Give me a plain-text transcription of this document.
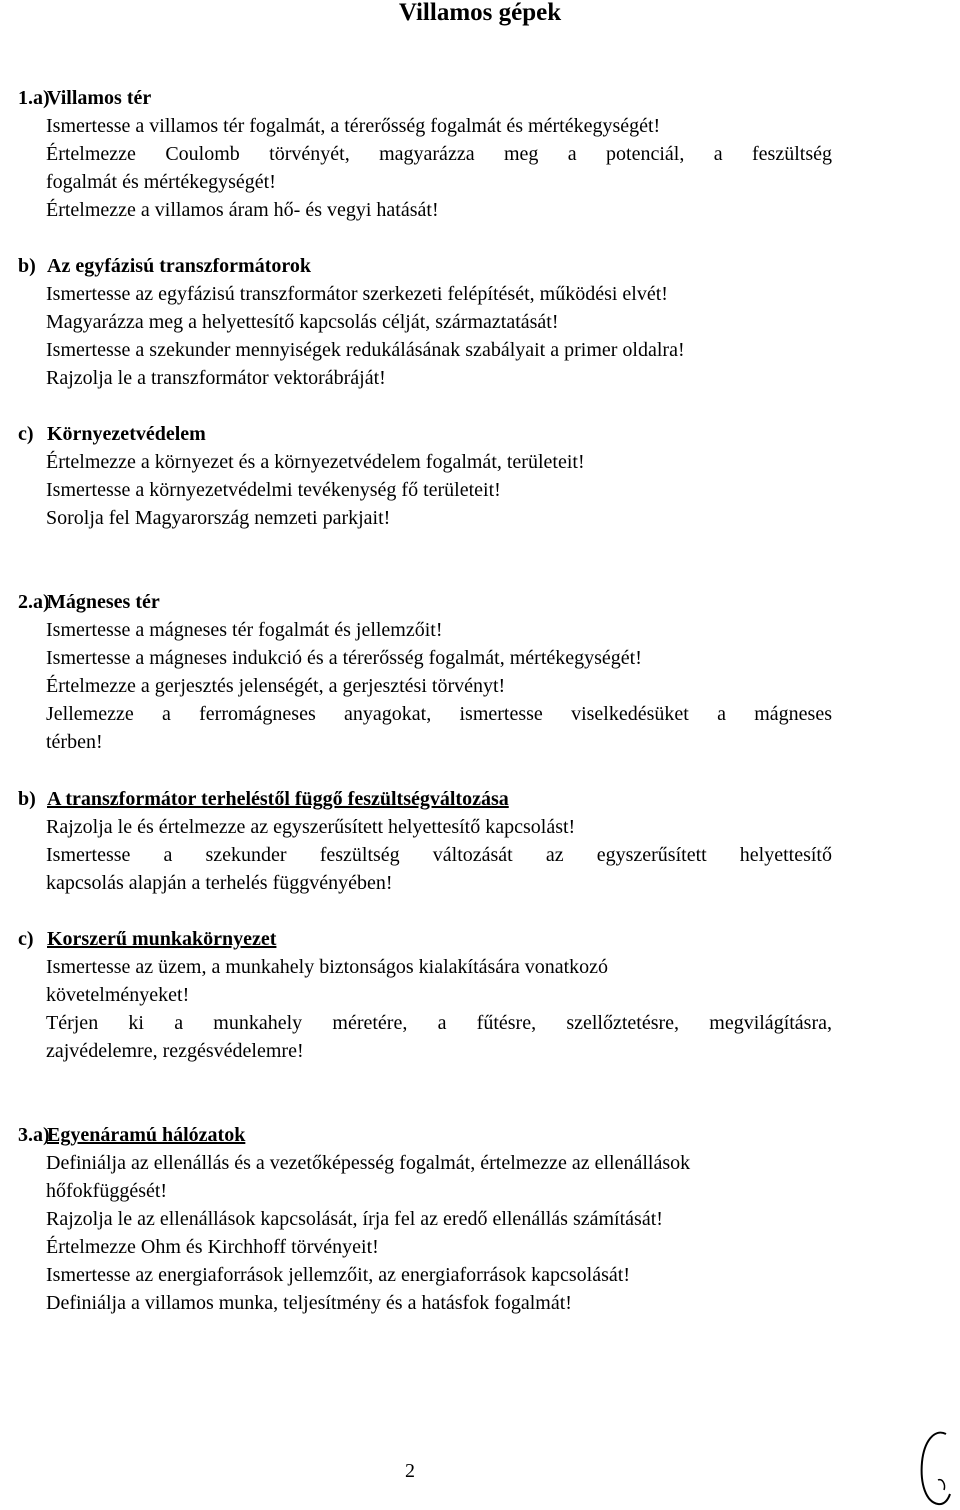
Villamos gépek
1.a)
Villamos tér
Ismertesse a villamos tér fogalmát, a térerősség fogalmát és mértékegységét!
Értelmezze Coulomb törvényét, magyarázza meg a potenciál, a feszültség
fogalmát és mértékegységét!
Értelmezze a villamos áram hő- és vegyi hatását!
b) Az egyfázisú transzformátorok
Ismertesse az egyfázisú transzformátor szerkezeti felépítését, működési elvét!
Magyarázza meg a helyettesítő kapcsolás célját, származtatását!
Ismertesse a szekunder mennyiségek redukálásának szabályait a primer oldalra!
Rajzolja le a transzformátor vektorábráját!
c) Környezetvédelem
Értelmezze a környezet és a környezetvédelem fogalmát, területeit!
Ismertesse a környezetvédelmi tevékenység fő területeit!
Sorolja fel Magyarország nemzeti parkjait!
2.a)
Mágneses tér
Ismertesse a mágneses tér fogalmát és jellemzőit!
Ismertesse a mágneses indukció és a térerősség fogalmát, mértékegységét!
Értelmezze a gerjesztés jelenségét, a gerjesztési törvényt!
Jellemezze a ferromágneses anyagokat, ismertesse viselkedésüket a mágneses
térben!
b) A transzformátor terheléstől függő feszültségváltozása
Rajzolja le és értelmezze az egyszerűsített helyettesítő kapcsolást!
Ismertesse a szekunder feszültség változását az egyszerűsített helyettesítő
kapcsolás alapján a terhelés függvényében!
c) Korszerű munkakörnyezet
Ismertesse az üzem, a munkahely biztonságos kialakítására vonatkozó
követelményeket!
Térjen ki a munkahely méretére, a fűtésre, szellőztetésre, megvilágításra,
zajvédelemre, rezgésvédelemre!
3.a)
Egyenáramú hálózatok
Definiálja az ellenállás és a vezetőképesség fogalmát, értelmezze az ellenállások
hőfokfüggését!
Rajzolja le az ellenállások kapcsolását, írja fel az eredő ellenállás számítását!
Értelmezze Ohm és Kirchhoff törvényeit!
Ismertesse az energiaforrások jellemzőit, az energiaforrások kapcsolását!
Definiálja a villamos munka, teljesítmény és a hatásfok fogalmát!
2
